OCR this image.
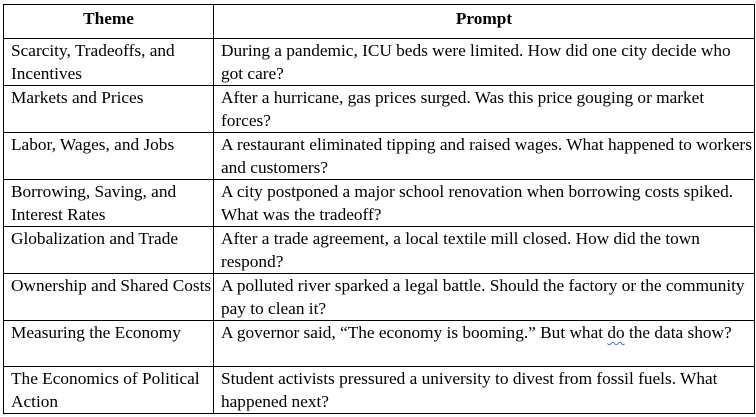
Theme	Prompt
Scarcity, Tradeoffs, and Incentives	During a pandemic, ICU beds were limited. How did one city decide who got care?
Markets and Prices	After a hurricane, gas prices surged. Was this price gouging or market forces?
Labor, Wages, and Jobs	A restaurant eliminated tipping and raised wages. What happened to workers and customers?
Borrowing, Saving, and Interest Rates	A city postponed a major school renovation when borrowing costs spiked. What was the tradeoff?
Globalization and Trade	After a trade agreement, a local textile mill closed. How did the town respond?
Ownership and Shared Costs	A polluted river sparked a legal battle. Should the factory or the community pay to clean it?
Measuring the Economy	A governor said, “The economy is booming.” But what do the data show?
The Economics of Political Action	Student activists pressured a university to divest from fossil fuels. What happened next?
